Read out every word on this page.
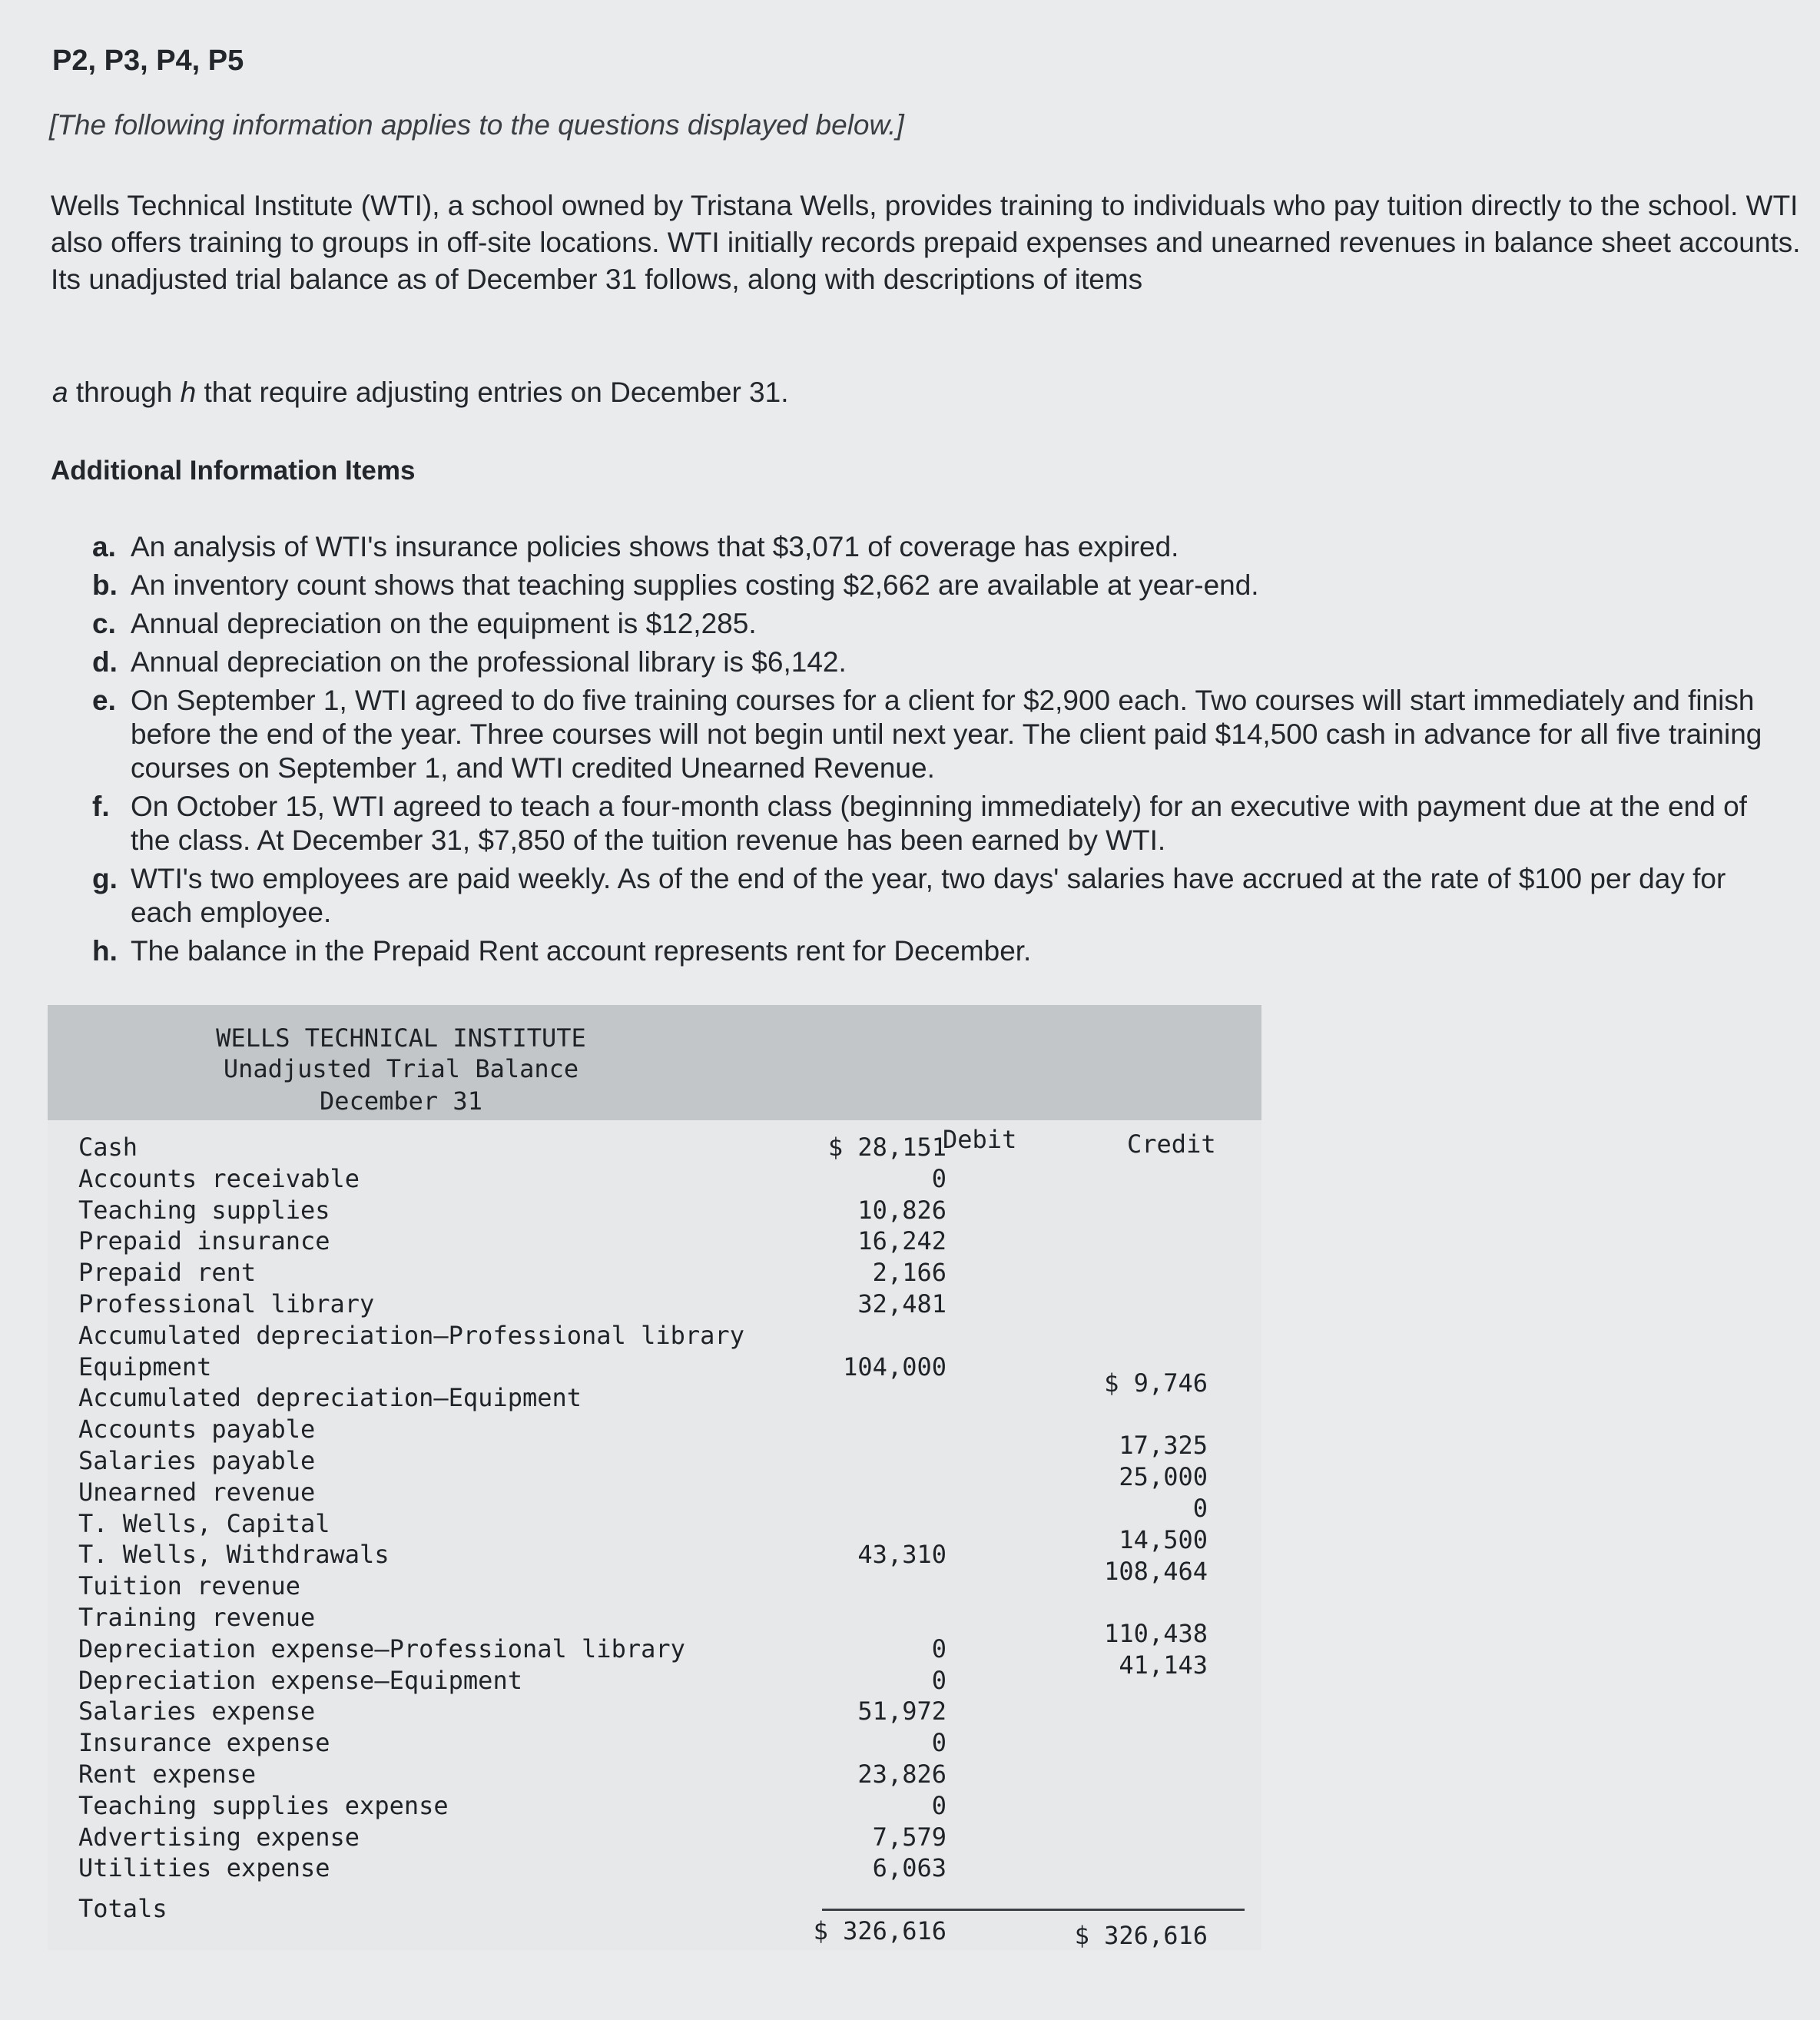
P2, P3, P4, P5

[The following information applies to the questions displayed below.]

Wells Technical Institute (WTI), a school owned by Tristana Wells, provides training to individuals who pay tuition directly to the school. WTI also offers training to groups in off-site locations. WTI initially records prepaid expenses and unearned revenues in balance sheet accounts. Its unadjusted trial balance as of December 31 follows, along with descriptions of items

a through h that require adjusting entries on December 31.

Additional Information Items
a. An analysis of WTI's insurance policies shows that $3,071 of coverage has expired.
b. An inventory count shows that teaching supplies costing $2,662 are available at year-end.
c. Annual depreciation on the equipment is $12,285.
d. Annual depreciation on the professional library is $6,142.
e. On September 1, WTI agreed to do five training courses for a client for $2,900 each. Two courses will start immediately and finish before the end of the year. Three courses will not begin until next year. The client paid $14,500 cash in advance for all five training courses on September 1, and WTI credited Unearned Revenue.
f. On October 15, WTI agreed to teach a four-month class (beginning immediately) for an executive with payment due at the end of the class. At December 31, $7,850 of the tuition revenue has been earned by WTI.
g. WTI's two employees are paid weekly. As of the end of the year, two days' salaries have accrued at the rate of $100 per day for each employee.
h. The balance in the Prepaid Rent account represents rent for December.
WELLS TECHNICAL INSTITUTE
Unadjusted Trial Balance
December 31
Debit	Credit
Cash
Accounts receivable
Teaching supplies
Prepaid insurance
Prepaid rent
Professional library
Accumulated depreciation—Professional library
Equipment
Accumulated depreciation—Equipment
Accounts payable
Salaries payable
Unearned revenue
T. Wells, Capital
T. Wells, Withdrawals
Tuition revenue
Training revenue
Depreciation expense—Professional library
Depreciation expense—Equipment
Salaries expense
Insurance expense
Rent expense
Teaching supplies expense
Advertising expense
Utilities expense
Totals
$ 28,151
0
10,826
16,242
2,166
32,481
104,000
43,310
0
0
51,972
0
23,826
0
7,579
6,063
$ 9,746
17,325
25,000
0
14,500
108,464
110,438
41,143
$ 326,616	$ 326,616
